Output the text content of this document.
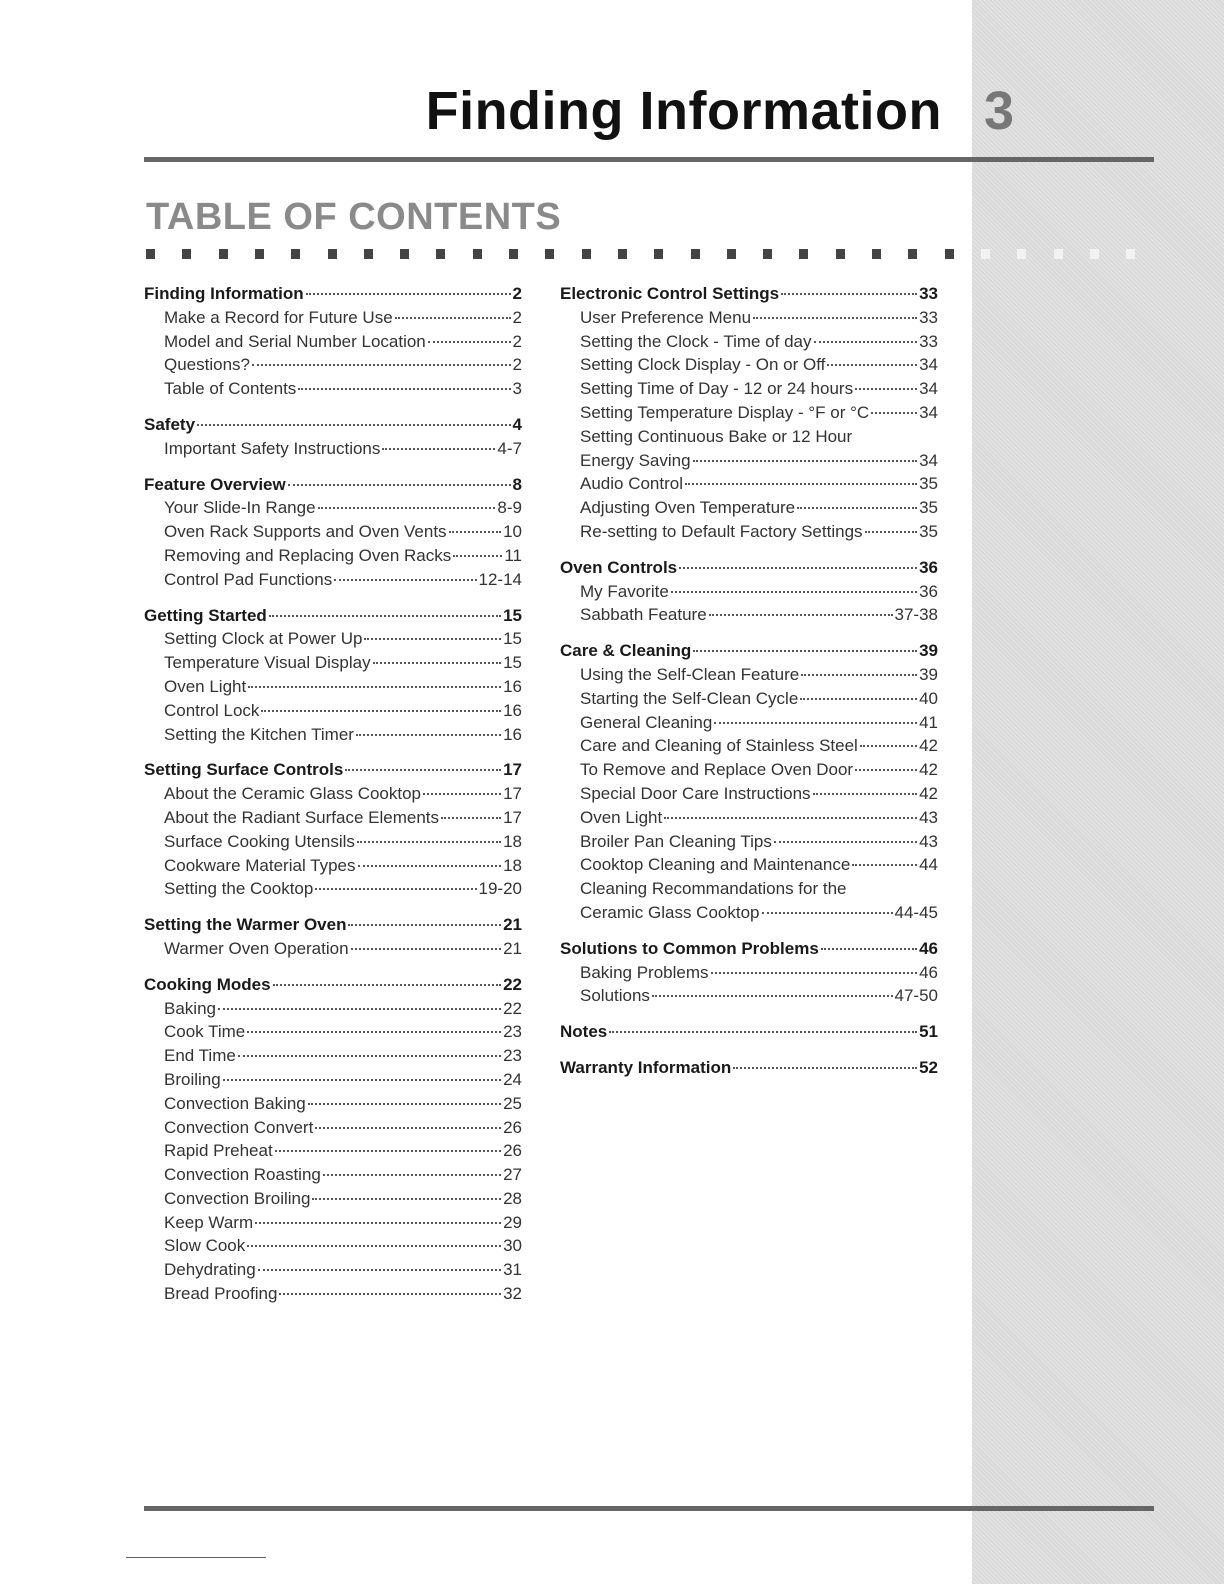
Finding Information 3
TABLE OF CONTENTS
Finding Information	2
Make a Record for Future Use	2
Model and Serial Number Location	2
Questions?	2
Table of Contents	3
Safety	4
Important Safety Instructions	4-7
Feature Overview	8
Your Slide-In Range	8-9
Oven Rack Supports and Oven Vents	10
Removing and Replacing Oven Racks	11
Control Pad Functions	12-14
Getting Started	15
Setting Clock at Power Up	15
Temperature Visual Display	15
Oven Light	16
Control Lock	16
Setting the Kitchen Timer	16
Setting Surface Controls	17
About the Ceramic Glass Cooktop	17
About the Radiant Surface Elements	17
Surface Cooking Utensils	18
Cookware Material Types	18
Setting the Cooktop	19-20
Setting the Warmer Oven	21
Warmer Oven Operation	21
Cooking Modes	22
Baking	22
Cook Time	23
End Time	23
Broiling	24
Convection Baking	25
Convection Convert	26
Rapid Preheat	26
Convection Roasting	27
Convection Broiling	28
Keep Warm	29
Slow Cook	30
Dehydrating	31
Bread Proofing	32
Electronic Control Settings	33
User Preference Menu	33
Setting the Clock - Time of day	33
Setting Clock Display - On or Off	34
Setting Time of Day - 12 or 24 hours	34
Setting Temperature Display - °F or °C	34
Setting Continuous Bake or 12 Hour
Energy Saving	34
Audio Control	35
Adjusting Oven Temperature	35
Re-setting to Default Factory Settings	35
Oven Controls	36
My Favorite	36
Sabbath Feature	37-38
Care & Cleaning	39
Using the Self-Clean Feature	39
Starting the Self-Clean Cycle	40
General Cleaning	41
Care and Cleaning of Stainless Steel	42
To Remove and Replace Oven Door	42
Special Door Care Instructions	42
Oven Light	43
Broiler Pan Cleaning Tips	43
Cooktop Cleaning and Maintenance	44
Cleaning Recommandations for the
Ceramic Glass Cooktop	44-45
Solutions to Common Problems	46
Baking Problems	46
Solutions	47-50
Notes	51
Warranty Information	52
